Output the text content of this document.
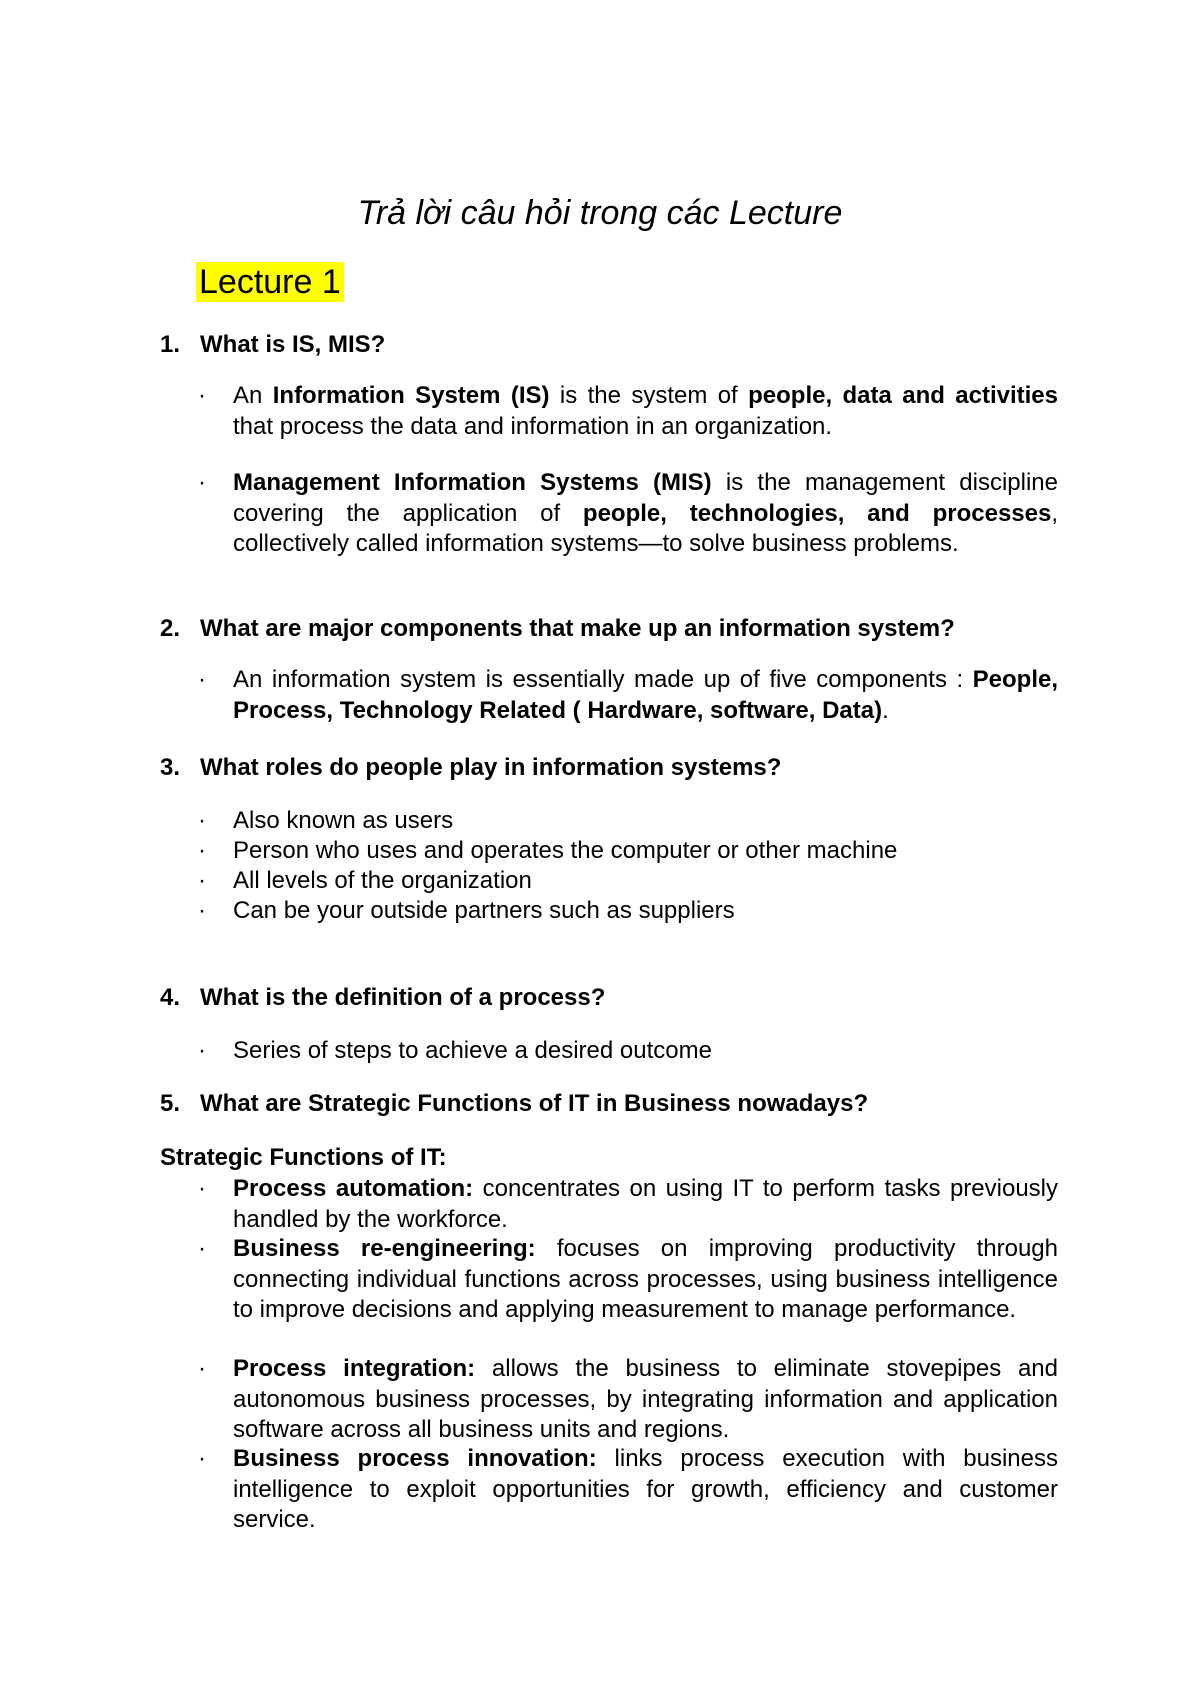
Trả lời câu hỏi trong các Lecture
Lecture 1
1. What is IS, MIS?
·	An Information System (IS) is the system of people, data and activities that process the data and information in an organization.
·	Management Information Systems (MIS) is the management discipline covering the application of people, technologies, and processes, collectively called information systems—to solve business problems.
2. What are major components that make up an information system?
·	An information system is essentially made up of five components : People, Process, Technology Related ( Hardware, software, Data).
3. What roles do people play in information systems?
·	Also known as users
·	Person who uses and operates the computer or other machine
·	All levels of the organization
·	Can be your outside partners such as suppliers
4. What is the definition of a process?
·	Series of steps to achieve a desired outcome
5. What are Strategic Functions of IT in Business nowadays?
Strategic Functions of IT:
·	Process automation: concentrates on using IT to perform tasks previously handled by the workforce.
·	Business re-engineering: focuses on improving productivity through connecting individual functions across processes, using business intelligence to improve decisions and applying measurement to manage performance.
·	Process integration: allows the business to eliminate stovepipes and autonomous business processes, by integrating information and application software across all business units and regions.
·	Business process innovation: links process execution with business intelligence to exploit opportunities for growth, efficiency and customer service.
